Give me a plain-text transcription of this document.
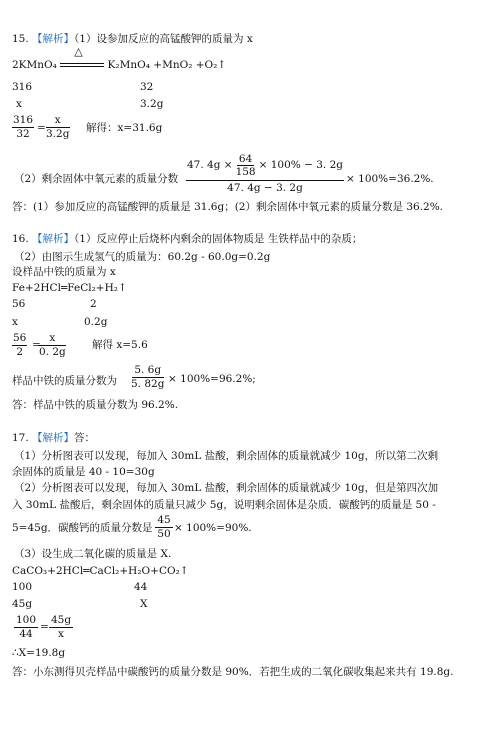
15. 【解析】（1）设参加反应的高锰酸钾的质量为 x
2KMnO₄
△
K₂MnO₄ +MnO₂ +O₂↑
316	32
x	3.2g
$\frac{316}{32} = \frac{x}{3.2g}$ 解得：x=31.6g
（2）剩余固体中氧元素的质量分数
47. $4g \times \frac{64}{158} \times 100\% - 3$. 2g
47. 4g − 3. 2g
× 100%=36.2%.
答：(1）参加反应的高锰酸钾的质量是 31.6g；(2）剩余固体中氧元素的质量分数是 36.2%.
16. 【解析】（1）反应停止后烧杯内剩余的固体物质是 生铁样品中的杂质；
（2）由图示生成氢气的质量为：60.2g - 60.0g=0.2g
设样品中铁的质量为 x
Fe+2HCl═FeCl₂+H₂↑
56	2
x	0.2g
$\frac{56}{2}$ =
$\frac{x}{0. 2g}$ 解得 x=5.6
样品中铁的质量分数为 $\frac{5. 6g}{5. 82g} \times 100\%=96.2\%$;
答：样品中铁的质量分数为 96.2%.
17. 【解析】答：
（1）分析图表可以发现，每加入 30mL 盐酸，剩余固体的质量就减少 10g，所以第二次剩
余固体的质量是 40 - 10=30g
（2）分析图表可以发现，每加入 30mL 盐酸，剩余固体的质量就减少 10g，但是第四次加
入 30mL 盐酸后，剩余固体的质量只减少 5g，说明剩余固体是杂质．碳酸钙的质量是 50 -
5=45g．碳酸钙的质量分数是 $\frac{45}{50} \times 100\%=90\%$.
（3）设生成二氧化碳的质量是 X.
CaCO₃+2HCl═CaCl₂+H₂O+CO₂↑
100	44
45g	X
$\frac{100}{44} = \frac{45g}{x}$
∴X=19.8g
答：小东测得贝壳样品中碳酸钙的质量分数是 90%．若把生成的二氧化碳收集起来共有 19.8g.
